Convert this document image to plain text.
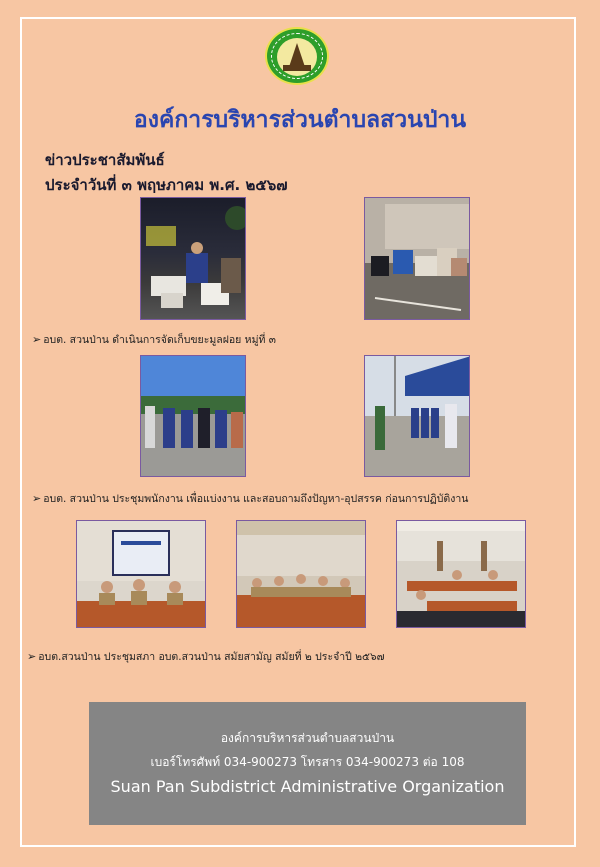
องค์การบริหารส่วนตำบลสวนป่าน
ข่าวประชาสัมพันธ์
ประจำวันที่ ๓ พฤษภาคม พ.ศ. ๒๕๖๗
➢ อบต. สวนป่าน ดำเนินการจัดเก็บขยะมูลฝอย หมู่ที่ ๓
➢ อบต. สวนป่าน ประชุมพนักงาน เพื่อแบ่งงาน และสอบถามถึงปัญหา-อุปสรรค ก่อนการปฏิบัติงาน
➢ อบต.สวนป่าน ประชุมสภา อบต.สวนป่าน สมัยสามัญ สมัยที่ ๒ ประจำปี ๒๕๖๗
องค์การบริหารส่วนตำบลสวนป่าน
เบอร์โทรศัพท์ 034-900273 โทรสาร 034-900273 ต่อ 108
Suan Pan Subdistrict Administrative Organization
